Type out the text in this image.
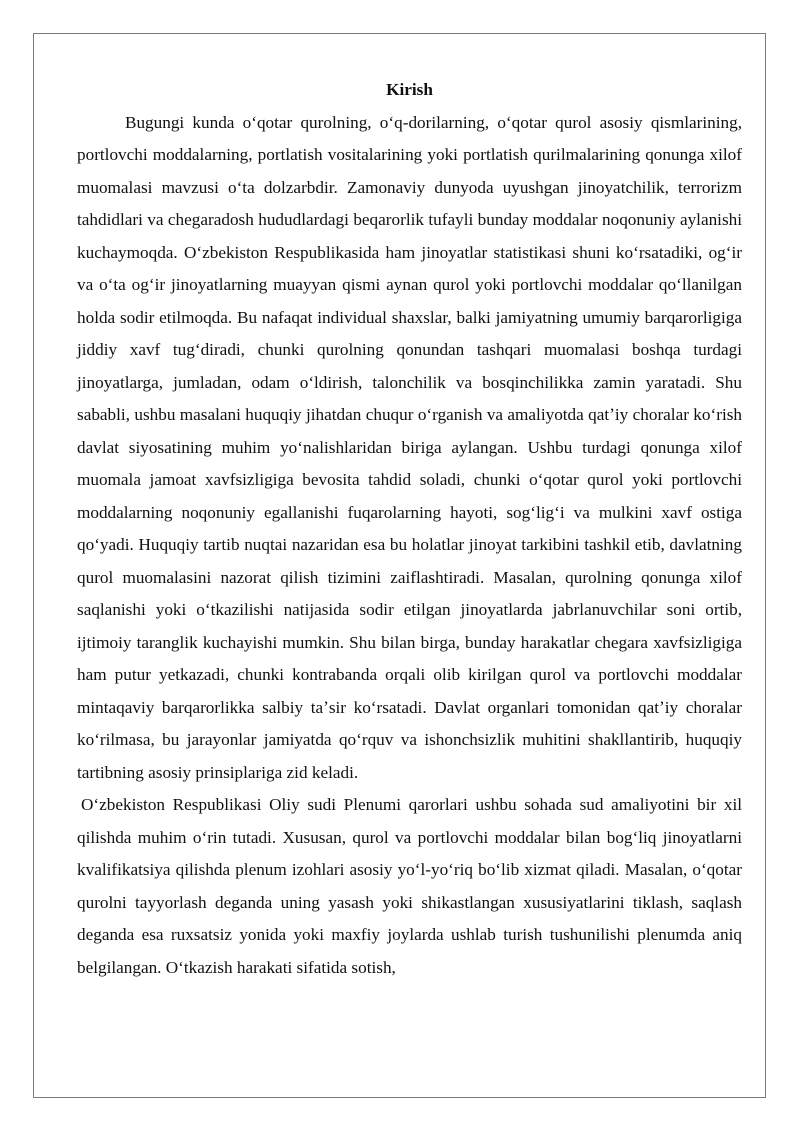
Kirish

Bugungi kunda oʻqotar qurolning, oʻq-dorilarning, oʻqotar qurol asosiy qismlarining, portlovchi moddalarning, portlatish vositalarining yoki portlatish qurilmalarining qonunga xilof muomalasi mavzusi oʻta dolzarbdir. Zamonaviy dunyoda uyushgan jinoyatchilik, terrorizm tahdidlari va chegaradosh hududlardagi beqarorlik tufayli bunday moddalar noqonuniy aylanishi kuchaymoqda. Oʻzbekiston Respublikasida ham jinoyatlar statistikasi shuni koʻrsatadiki, ogʻir va oʻta ogʻir jinoyatlarning muayyan qismi aynan qurol yoki portlovchi moddalar qoʻllanilgan holda sodir etilmoqda. Bu nafaqat individual shaxslar, balki jamiyatning umumiy barqarorligiga jiddiy xavf tugʻdiradi, chunki qurolning qonundan tashqari muomalasi boshqa turdagi jinoyatlarga, jumladan, odam oʻldirish, talonchilik va bosqinchilikka zamin yaratadi. Shu sababli, ushbu masalani huquqiy jihatdan chuqur oʻrganish va amaliyotda qatʼiy choralar koʻrish davlat siyosatining muhim yoʻnalishlaridan biriga aylangan. Ushbu turdagi qonunga xilof muomala jamoat xavfsizligiga bevosita tahdid soladi, chunki oʻqotar qurol yoki portlovchi moddalarning noqonuniy egallanishi fuqarolarning hayoti, sogʻligʻi va mulkini xavf ostiga qoʻyadi. Huquqiy tartib nuqtai nazaridan esa bu holatlar jinoyat tarkibini tashkil etib, davlatning qurol muomalasini nazorat qilish tizimini zaiflashtiradi. Masalan, qurolning qonunga xilof saqlanishi yoki oʻtkazilishi natijasida sodir etilgan jinoyatlarda jabrlanuvchilar soni ortib, ijtimoiy taranglik kuchayishi mumkin. Shu bilan birga, bunday harakatlar chegara xavfsizligiga ham putur yetkazadi, chunki kontrabanda orqali olib kirilgan qurol va portlovchi moddalar mintaqaviy barqarorlikka salbiy taʼsir koʻrsatadi. Davlat organlari tomonidan qatʼiy choralar koʻrilmasa, bu jarayonlar jamiyatda qoʻrquv va ishonchsizlik muhitini shakllantirib, huquqiy tartibning asosiy prinsiplariga zid keladi.

Oʻzbekiston Respublikasi Oliy sudi Plenumi qarorlari ushbu sohada sud amaliyotini bir xil qilishda muhim oʻrin tutadi. Xususan, qurol va portlovchi moddalar bilan bogʻliq jinoyatlarni kvalifikatsiya qilishda plenum izohlari asosiy yoʻl-yoʻriq boʻlib xizmat qiladi. Masalan, oʻqotar qurolni tayyorlash deganda uning yasash yoki shikastlangan xususiyatlarini tiklash, saqlash deganda esa ruxsatsiz yonida yoki maxfiy joylarda ushlab turish tushunilishi plenumda aniq belgilangan. Oʻtkazish harakati sifatida sotish,
